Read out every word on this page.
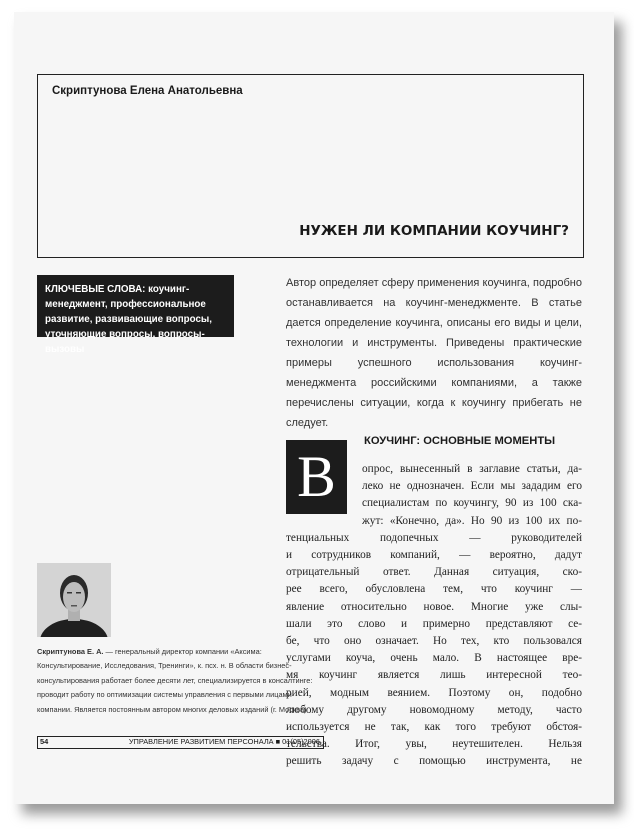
Скриптунова Елена Анатольевна
НУЖЕН ЛИ КОМПАНИИ КОУЧИНГ?
КЛЮЧЕВЫЕ СЛОВА: коучинг-менеджмент, профессиональное развитие, развивающие вопросы, уточняющие вопросы, вопросы-вызовы
Автор определяет сферу применения коучинга, подробно останавливается на коучинг-менеджменте. В статье дается определение коучинга, описаны его виды и цели, технологии и инструменты. Приведены практические примеры успешного использования коучинг-менеджмента российскими компаниями, а также перечислены ситуации, когда к коучингу прибегать не следует.
КОУЧИНГ: ОСНОВНЫЕ МОМЕНТЫ
В	опрос, вынесенный в заглавие статьи, да-
леко не однозначен. Если мы зададим его
специалистам по коучингу, 90 из 100 ска-
жут: «Конечно, да». Но 90 из 100 их по-
тенциальных подопечных — руководителей
и сотрудников компаний, — вероятно, дадут
отрицательный ответ. Данная ситуация, ско-
рее всего, обусловлена тем, что коучинг —
явление относительно новое. Многие уже слы-
шали это слово и примерно представляют се-
бе, что оно означает. Но тех, кто пользовался
услугами коуча, очень мало. В настоящее вре-
мя коучинг является лишь интересной тео-
рией, модным веянием. Поэтому он, подобно
любому другому новомодному методу, часто
используется не так, как того требуют обстоя-
тельства. Итог, увы, неутешителен. Нельзя
решить задачу с помощью инструмента, не
Скриптунова Е. А. — генеральный директор компании «Аксима: Консультирование, Исследования, Тренинги», к. псх. н. В области бизнес-консультирования работает более десяти лет, специализируется в консалтинге: проводит работу по оптимизации системы управления с первыми лицами компании. Является постоянным автором многих деловых изданий (г. Москва)
54	УПРАВЛЕНИЕ РАЗВИТИЕМ ПЕРСОНАЛА ■ 01(05)2006
